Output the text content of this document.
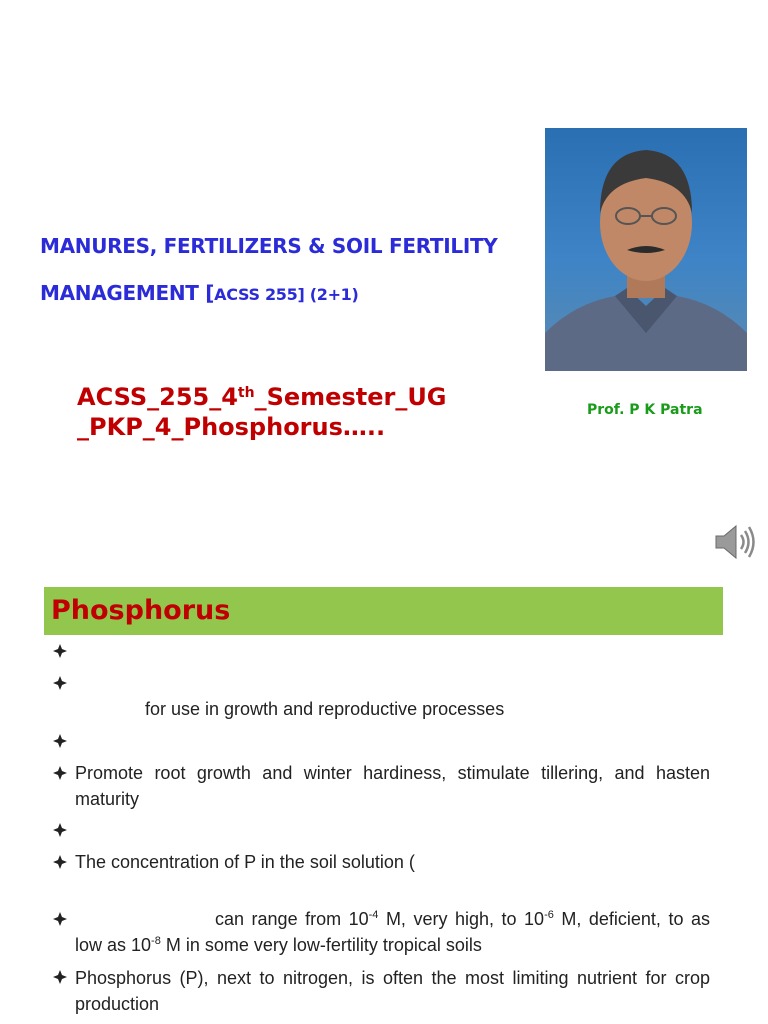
MANURES, FERTILIZERS & SOIL FERTILITY
MANAGEMENT [ACSS 255] (2+1)
ACSS_255_4th_Semester_UG
_PKP_4_Phosphorus…..
Prof. P K Patra
Phosphorus
for use in growth and reproductive processes
Promote root growth and winter hardiness, stimulate tillering, and hasten maturity
The concentration of P in the soil solution (
can range from $10^{-4}$ M, very high, to $10^{-6}$ M, deficient, to as low as $10^{-8}$ M in some very low-fertility tropical soils
Phosphorus (P), next to nitrogen, is often the most limiting nutrient for crop production
